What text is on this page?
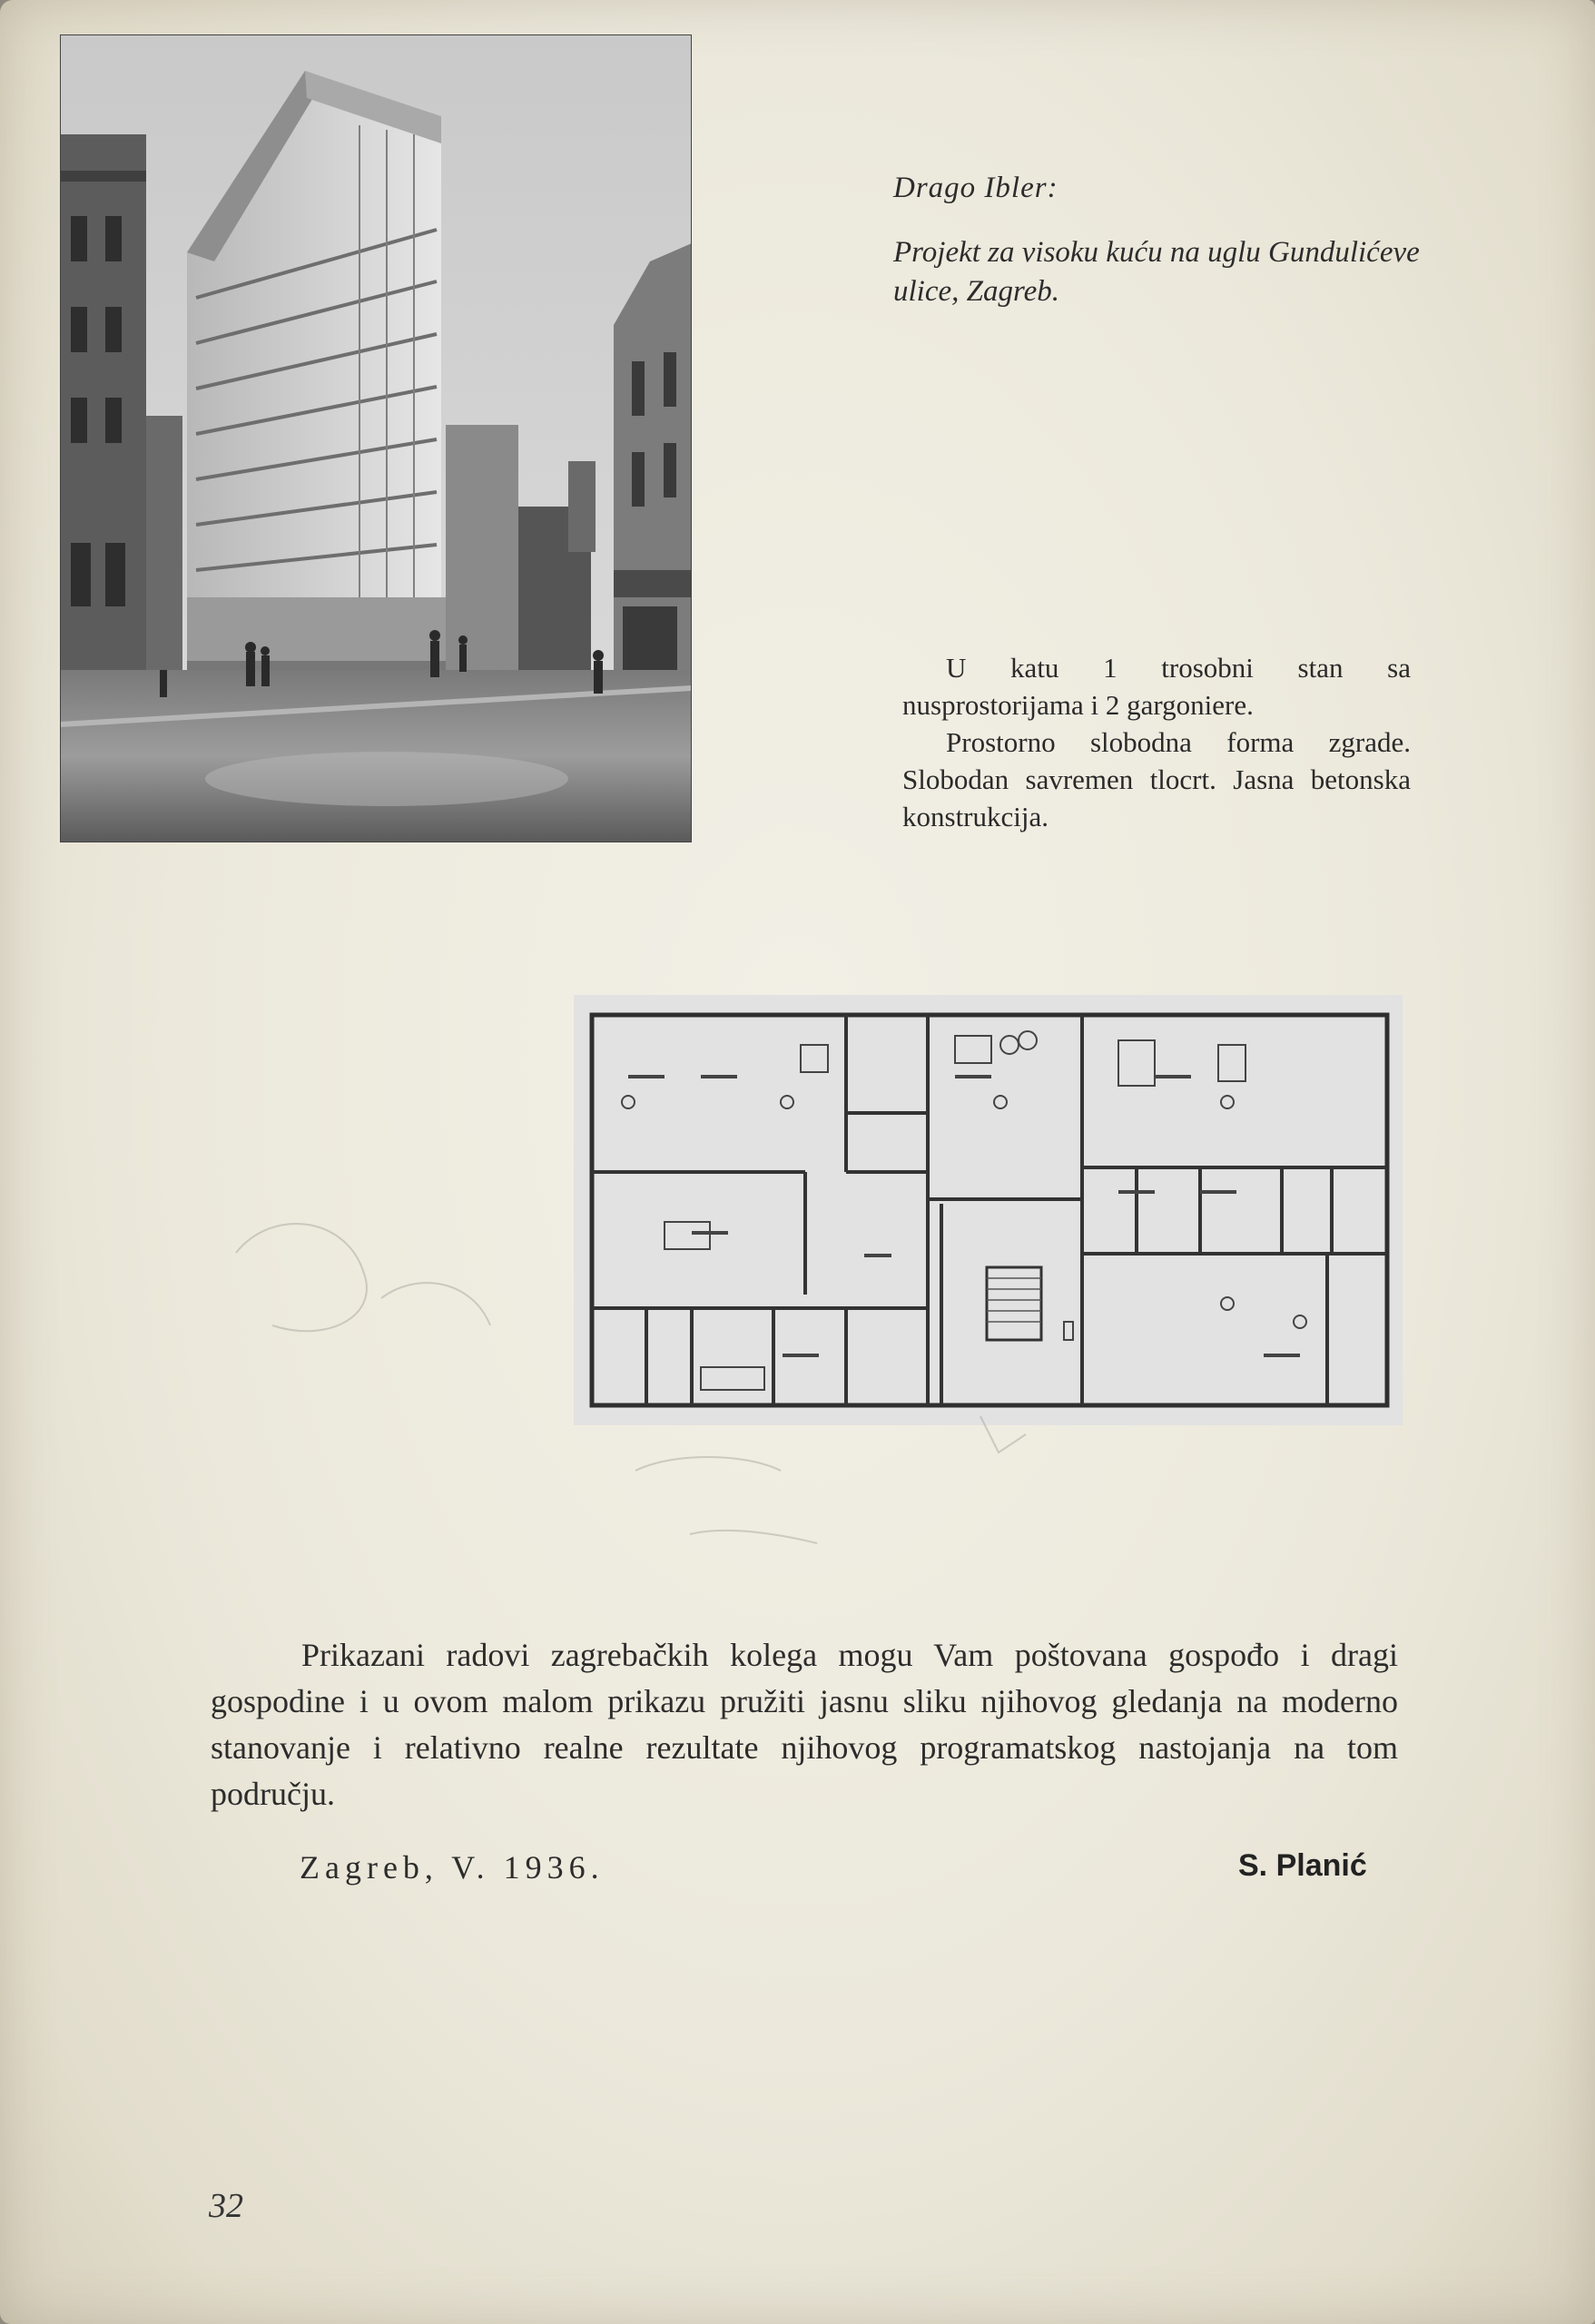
Drago Ibler:
Projekt za visoku kuću na uglu Gundulićeve ulice, Zagreb.

U katu 1 trosobni stan sa nusprostorijama i 2 gargoniere.

Prostorno slobodna forma zgrade. Slobodan savremen tlocrt. Jasna betonska konstrukcija.

Prikazani radovi zagrebačkih kolega mogu Vam poštovana gospođo i dragi gospodine i u ovom malom prikazu pružiti jasnu sliku njihovog gledanja na moderno stanovanje i relativno realne rezultate njihovog programatskog nastojanja na tom području.

Zagreb, V. 1936.	S. Planić
32
